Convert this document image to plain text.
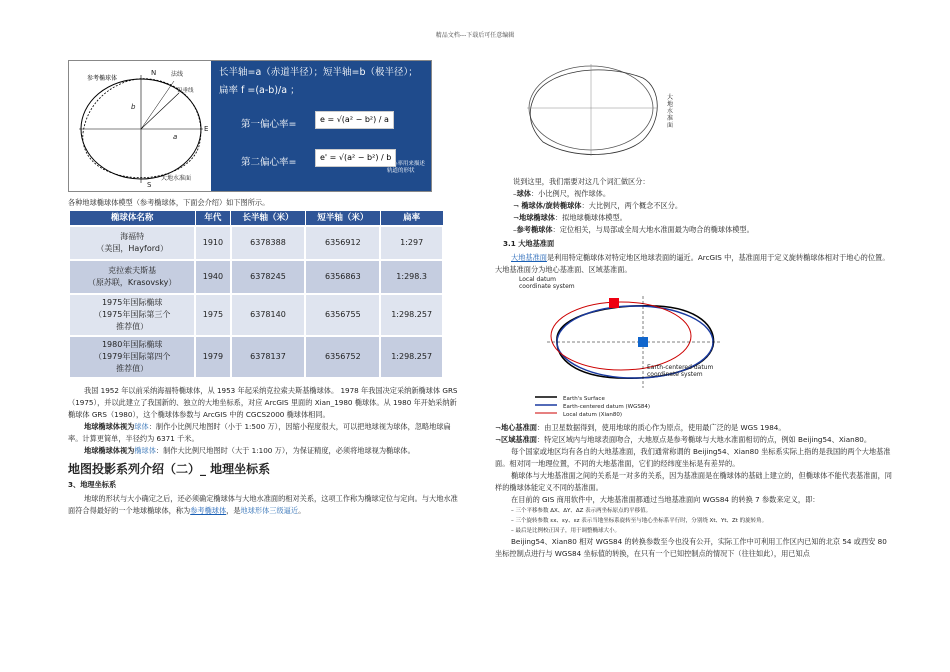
精品文档---下载后可任意编辑
参考椭球体
法线
铅垂线
大地水准面
N
S
E
a
b
长半轴=a（赤道半径）；短半轴=b（极半径）；
扁率 f =(a-b)/a ；
第一偏心率=	e = √(a² − b²) / a
第二偏心率=	e' = √(a² − b²) / b
⑥心率用来描述轨道的形状

各种地球椭球体模型（参考椭球体，下面会介绍）如下图所示。

椭球体名称	年代	长半轴（米）	短半轴（米）	扁率

海福特
（美国，Hayford）	1910	6378388	6356912	1:297

克拉索夫斯基
（原苏联，Krasovsky）	1940	6378245	6356863	1:298.3

1975年国际椭球
（1975年国际第三个
推荐值）	1975	6378140	6356755	1:298.257

1980年国际椭球
（1979年国际第四个
推荐值）	1979	6378137	6356752	1:298.257

我国 1952 年以前采纳海福特椭球体，从 1953 年起采纳克拉索夫斯基椭球体。 1978 年我国决定采纳新椭球体 GRS（1975），并以此建立了我国新的、独立的大地坐标系，对应 ArcGIS 里面的 Xian_1980 椭球体。从 1980 年开始采纳新椭球体 GRS（1980），这个椭球体参数与 ArcGIS 中的 CGCS2000 椭球体相同。

地球椭球体视为球体：制作小比例尺地图时（小于 1:500 万），因缩小程度很大，可以把地球视为球体，忽略地球扁率。计算更简单，半径约为 6371 千米。

地球椭球体视为椭球体：制作大比例尺地图时（大于 1:100 万），为保证精度，必须将地球视为椭球体。

地图投影系列介绍（二）_ 地理坐标系
3、地理坐标系

地球的形状与大小确定之后，还必须确定椭球体与大地水准面的相对关系，这项工作称为椭球定位与定向。与大地水准面符合得最好的一个地球椭球体，称为参考椭球体，是地球形体三级逼近。

大地水准面

说到这里，我们需要对这几个词汇做区分：

–球体：小比例尺，视作球体。

¬ 椭球体/旋转椭球体：大比例尺，两个概念不区分。

¬地球椭球体：拟地球椭球体模型。

–参考椭球体：定位相关，与局部或全局大地水准面最为吻合的椭球体模型。

3.1 大地基准面

大地基准面是利用特定椭球体对特定地区地球表面的逼近。ArcGIS 中，基准面用于定义旋转椭球体相对于地心的位置。大地基准面分为地心基准面、区域基准面。

Local datum coordinate system
Earth-centered datum coordinate system
Earth's Surface
Earth-centered datum (WGS84)
Local datum (Xian80)

¬地心基准面：由卫星数据得到，使用地球的质心作为原点，使用最广泛的是 WGS 1984。

¬区域基准面：特定区域内与地球表面吻合，大地原点是参考椭球与大地水准面相切的点，例如 Beijing54、Xian80。

每个国家或地区均有各自的大地基准面，我们通常称谓的 Beijing54、Xian80 坐标系实际上指的是我国的两个大地基准面。相对同一地理位置，不同的大地基准面，它们的经纬度坐标是有差异的。

椭球体与大地基准面之间的关系是一对多的关系，因为基准面是在椭球体的基础上建立的，但椭球体不能代表基准面，同样的椭球体能定义不同的基准面。

在目前的 GIS 商用软件中，大地基准面都通过当地基准面向 WGS84 的转换 7 参数来定义，即：

– 三个平移参数 ΔX、ΔY、ΔZ 表示两坐标原点的平移值。

– 三个旋转参数 εx、εy、εz 表示当地坐标系旋转至与地心坐标系平行时，分别绕 Xt、Yt、Zt 的旋转角。

– 最后是比例校正因子，用于调整椭球大小。

Beijing54、Xian80 相对 WGS84 的转换参数至今也没有公开，实际工作中可利用工作区内已知的北京 54 或西安 80 坐标控制点进行与 WGS84 坐标值的转换，在只有一个已知控制点的情况下（往往如此），用已知点
